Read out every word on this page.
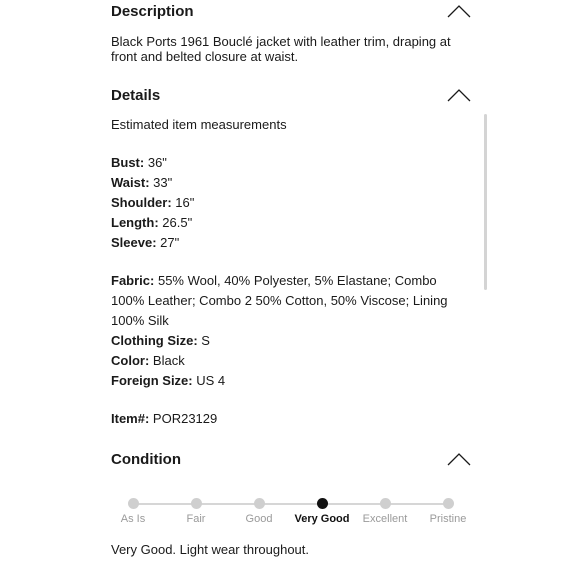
Description
Black Ports 1961 Bouclé jacket with leather trim, draping at
front and belted closure at waist.
Details
Estimated item measurements
Bust: 36"
Waist: 33"
Shoulder: 16"
Length: 26.5"
Sleeve: 27"
Fabric: 55% Wool, 40% Polyester, 5% Elastane; Combo
100% Leather; Combo 2 50% Cotton, 50% Viscose; Lining
100% Silk
Clothing Size: S
Color: Black
Foreign Size: US 4
Item#: POR23129
Condition
Very Good. Light wear throughout.
As Is	Fair	Good	Very Good	Excellent	Pristine
